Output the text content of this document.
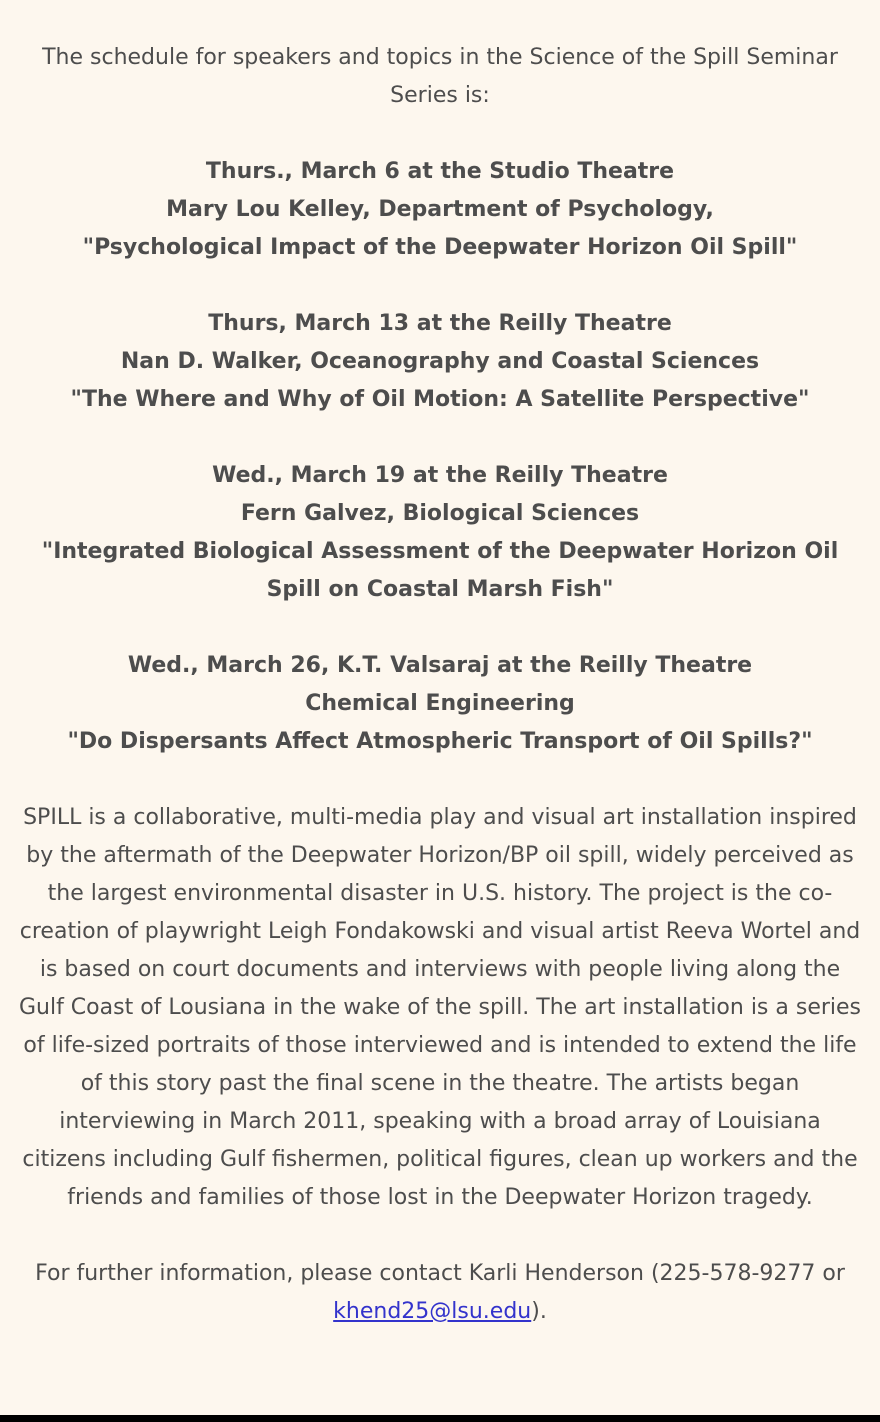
The schedule for speakers and topics in the Science of the Spill Seminar Series is:

Thurs., March 6 at the Studio Theatre
Mary Lou Kelley, Department of Psychology,
"Psychological Impact of the Deepwater Horizon Oil Spill"
Thurs, March 13 at the Reilly Theatre
Nan D. Walker, Oceanography and Coastal Sciences
"The Where and Why of Oil Motion: A Satellite Perspective"
Wed., March 19 at the Reilly Theatre
Fern Galvez, Biological Sciences
"Integrated Biological Assessment of the Deepwater Horizon Oil Spill on Coastal Marsh Fish"
Wed., March 26, K.T. Valsaraj at the Reilly Theatre
Chemical Engineering
"Do Dispersants Affect Atmospheric Transport of Oil Spills?"

SPILL is a collaborative, multi-media play and visual art installation inspired by the aftermath of the Deepwater Horizon/BP oil spill, widely perceived as the largest environmental disaster in U.S. history. The project is the co-creation of playwright Leigh Fondakowski and visual artist Reeva Wortel and is based on court documents and interviews with people living along the Gulf Coast of Lousiana in the wake of the spill. The art installation is a series of life-sized portraits of those interviewed and is intended to extend the life of this story past the final scene in the theatre. The artists began interviewing in March 2011, speaking with a broad array of Louisiana citizens including Gulf fishermen, political figures, clean up workers and the friends and families of those lost in the Deepwater Horizon tragedy.

For further information, please contact Karli Henderson (225-578-9277 or khend25@lsu.edu).
